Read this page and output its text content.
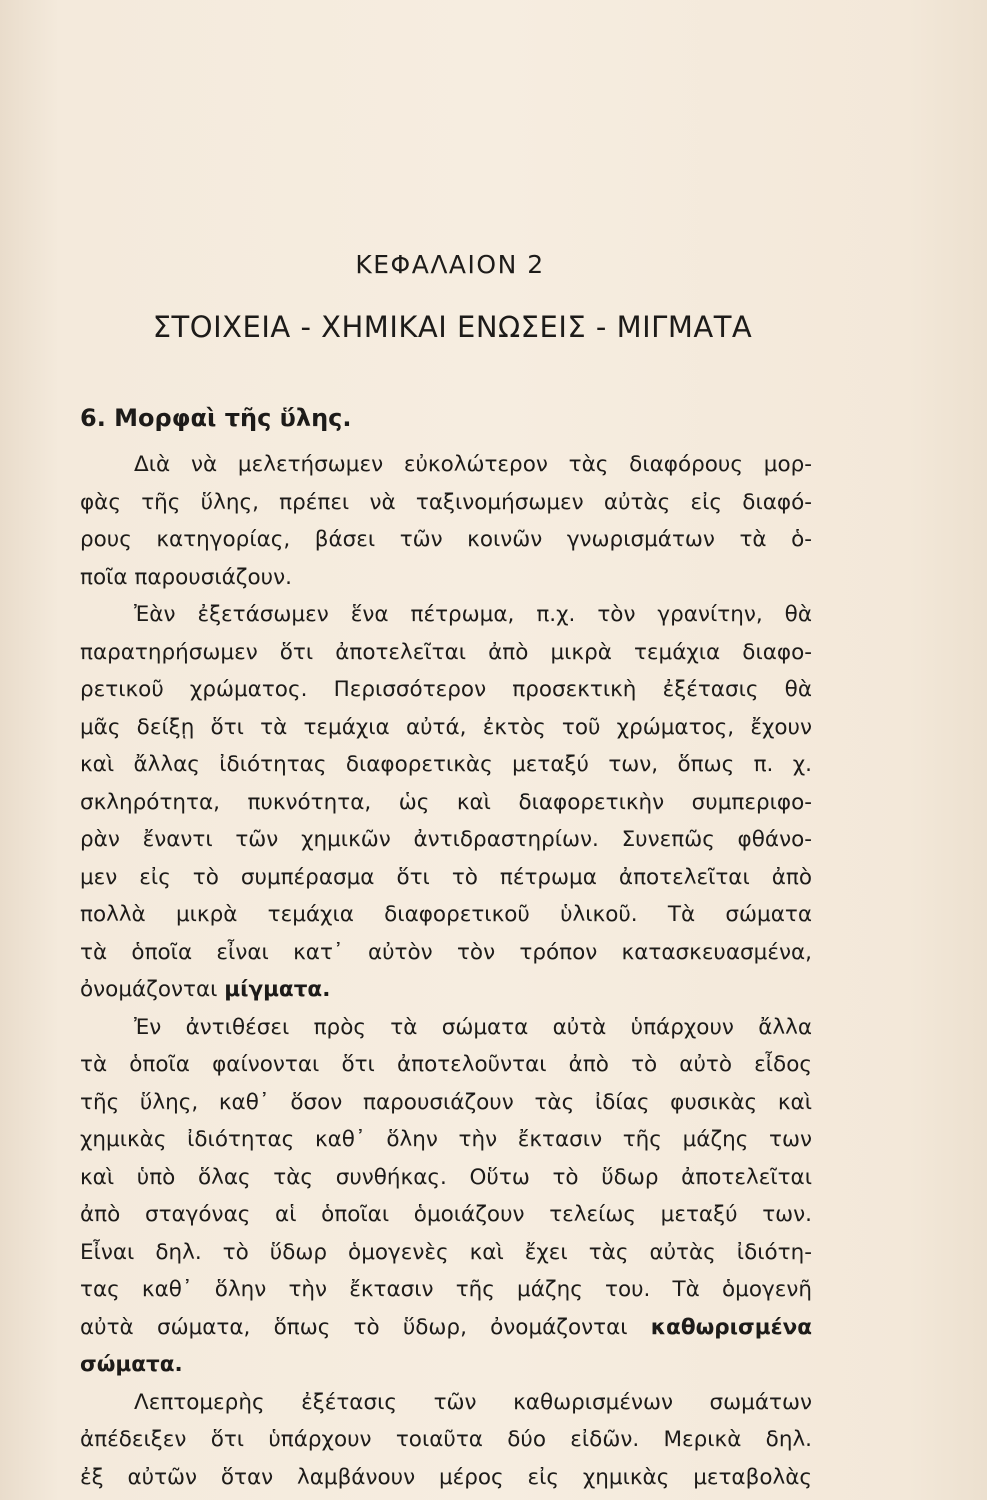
ΚΕΦΑΛΑΙΟΝ 2
ΣΤΟΙΧΕΙΑ - ΧΗΜΙΚΑΙ ΕΝΩΣΕΙΣ - ΜΙΓΜΑΤΑ
6. Μορφαὶ τῆς ὕλης.
Διὰ νὰ μελετήσωμεν εὐκολώτερον τὰς διαφόρους μορ-
φὰς τῆς ὕλης, πρέπει νὰ ταξινομήσωμεν αὐτὰς εἰς διαφό-
ρους κατηγορίας, βάσει τῶν κοινῶν γνωρισμάτων τὰ ὁ-
ποῖα παρουσιάζουν.
Ἐὰν ἐξετάσωμεν ἕνα πέτρωμα, π.χ. τὸν γρανίτην, θὰ
παρατηρήσωμεν ὅτι ἀποτελεῖται ἀπὸ μικρὰ τεμάχια διαφο-
ρετικοῦ χρώματος. Περισσότερον προσεκτικὴ ἐξέτασις θὰ
μᾶς δείξῃ ὅτι τὰ τεμάχια αὐτά, ἐκτὸς τοῦ χρώματος, ἔχουν
καὶ ἄλλας ἰδιότητας διαφορετικὰς μεταξύ των, ὅπως π. χ.
σκληρότητα, πυκνότητα, ὡς καὶ διαφορετικὴν συμπεριφο-
ρὰν ἔναντι τῶν χημικῶν ἀντιδραστηρίων. Συνεπῶς φθάνο-
μεν εἰς τὸ συμπέρασμα ὅτι τὸ πέτρωμα ἀποτελεῖται ἀπὸ
πολλὰ μικρὰ τεμάχια διαφορετικοῦ ὑλικοῦ. Τὰ σώματα
τὰ ὁποῖα εἶναι κατ᾽ αὐτὸν τὸν τρόπον κατασκευασμένα,
ὀνομάζονται μίγματα.
Ἐν ἀντιθέσει πρὸς τὰ σώματα αὐτὰ ὑπάρχουν ἄλλα
τὰ ὁποῖα φαίνονται ὅτι ἀποτελοῦνται ἀπὸ τὸ αὐτὸ εἶδος
τῆς ὕλης, καθ᾽ ὅσον παρουσιάζουν τὰς ἰδίας φυσικὰς καὶ
χημικὰς ἰδιότητας καθ᾽ ὅλην τὴν ἔκτασιν τῆς μάζης των
καὶ ὑπὸ ὅλας τὰς συνθήκας. Οὕτω τὸ ὕδωρ ἀποτελεῖται
ἀπὸ σταγόνας αἱ ὁποῖαι ὁμοιάζουν τελείως μεταξύ των.
Εἶναι δηλ. τὸ ὕδωρ ὁμογενὲς καὶ ἔχει τὰς αὐτὰς ἰδιότη-
τας καθ᾽ ὅλην τὴν ἔκτασιν τῆς μάζης του. Τὰ ὁμογενῆ
αὐτὰ σώματα, ὅπως τὸ ὕδωρ, ὀνομάζονται καθωρισμένα
σώματα.
Λεπτομερὴς ἐξέτασις τῶν καθωρισμένων σωμάτων
ἀπέδειξεν ὅτι ὑπάρχουν τοιαῦτα δύο εἰδῶν. Μερικὰ δηλ.
ἐξ αὐτῶν ὅταν λαμβάνουν μέρος εἰς χημικὰς μεταβολὰς
